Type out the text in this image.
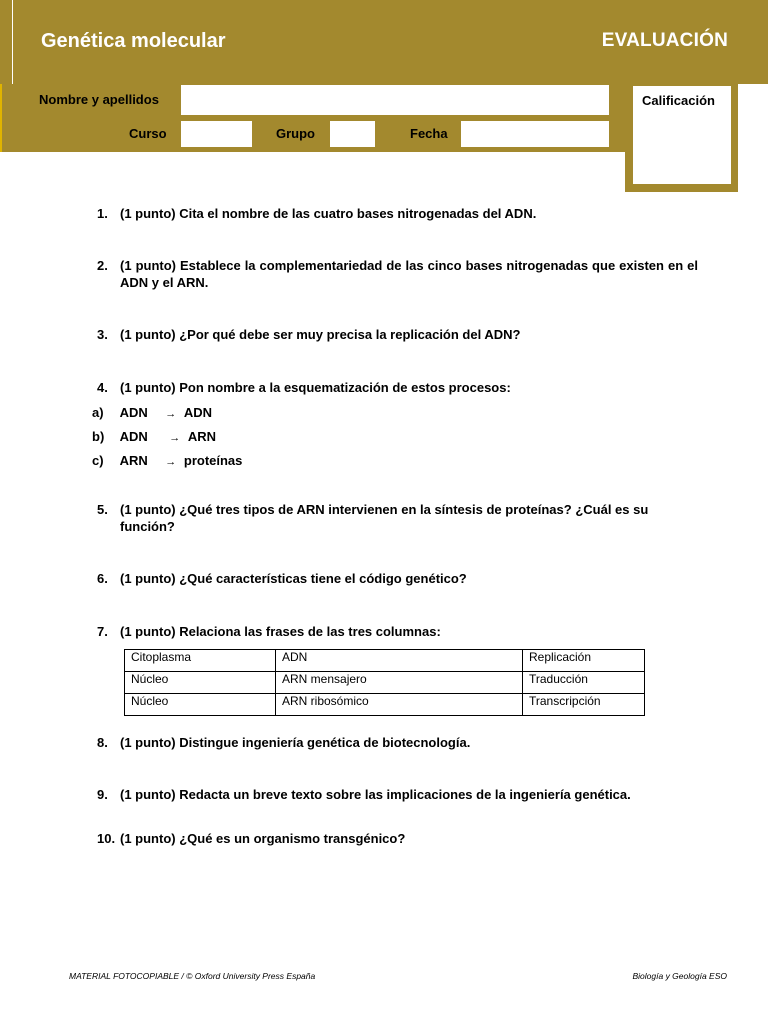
Genética molecular	EVALUACIÓN
Nombre y apellidos
Curso	Grupo	Fecha
Calificación
1. (1 punto) Cita el nombre de las cuatro bases nitrogenadas del ADN.
2. (1 punto) Establece la complementariedad de las cinco bases nitrogenadas que existen en el ADN y el ARN.
3. (1 punto) ¿Por qué debe ser muy precisa la replicación del ADN?
4. (1 punto) Pon nombre a la esquematización de estos procesos:
a) ADN → ADN
b) ADN → ARN
c) ARN → proteínas
5. (1 punto) ¿Qué tres tipos de ARN intervienen en la síntesis de proteínas? ¿Cuál es su función?
6. (1 punto) ¿Qué características tiene el código genético?
7. (1 punto) Relaciona las frases de las tres columnas:
Citoplasma	ADN	Replicación
Núcleo	ARN mensajero	Traducción
Núcleo	ARN ribosómico	Transcripción
8. (1 punto) Distingue ingeniería genética de biotecnología.
9. (1 punto) Redacta un breve texto sobre las implicaciones de la ingeniería genética.
10. (1 punto) ¿Qué es un organismo transgénico?
MATERIAL FOTOCOPIABLE / © Oxford University Press España	Biología y Geología ESO
